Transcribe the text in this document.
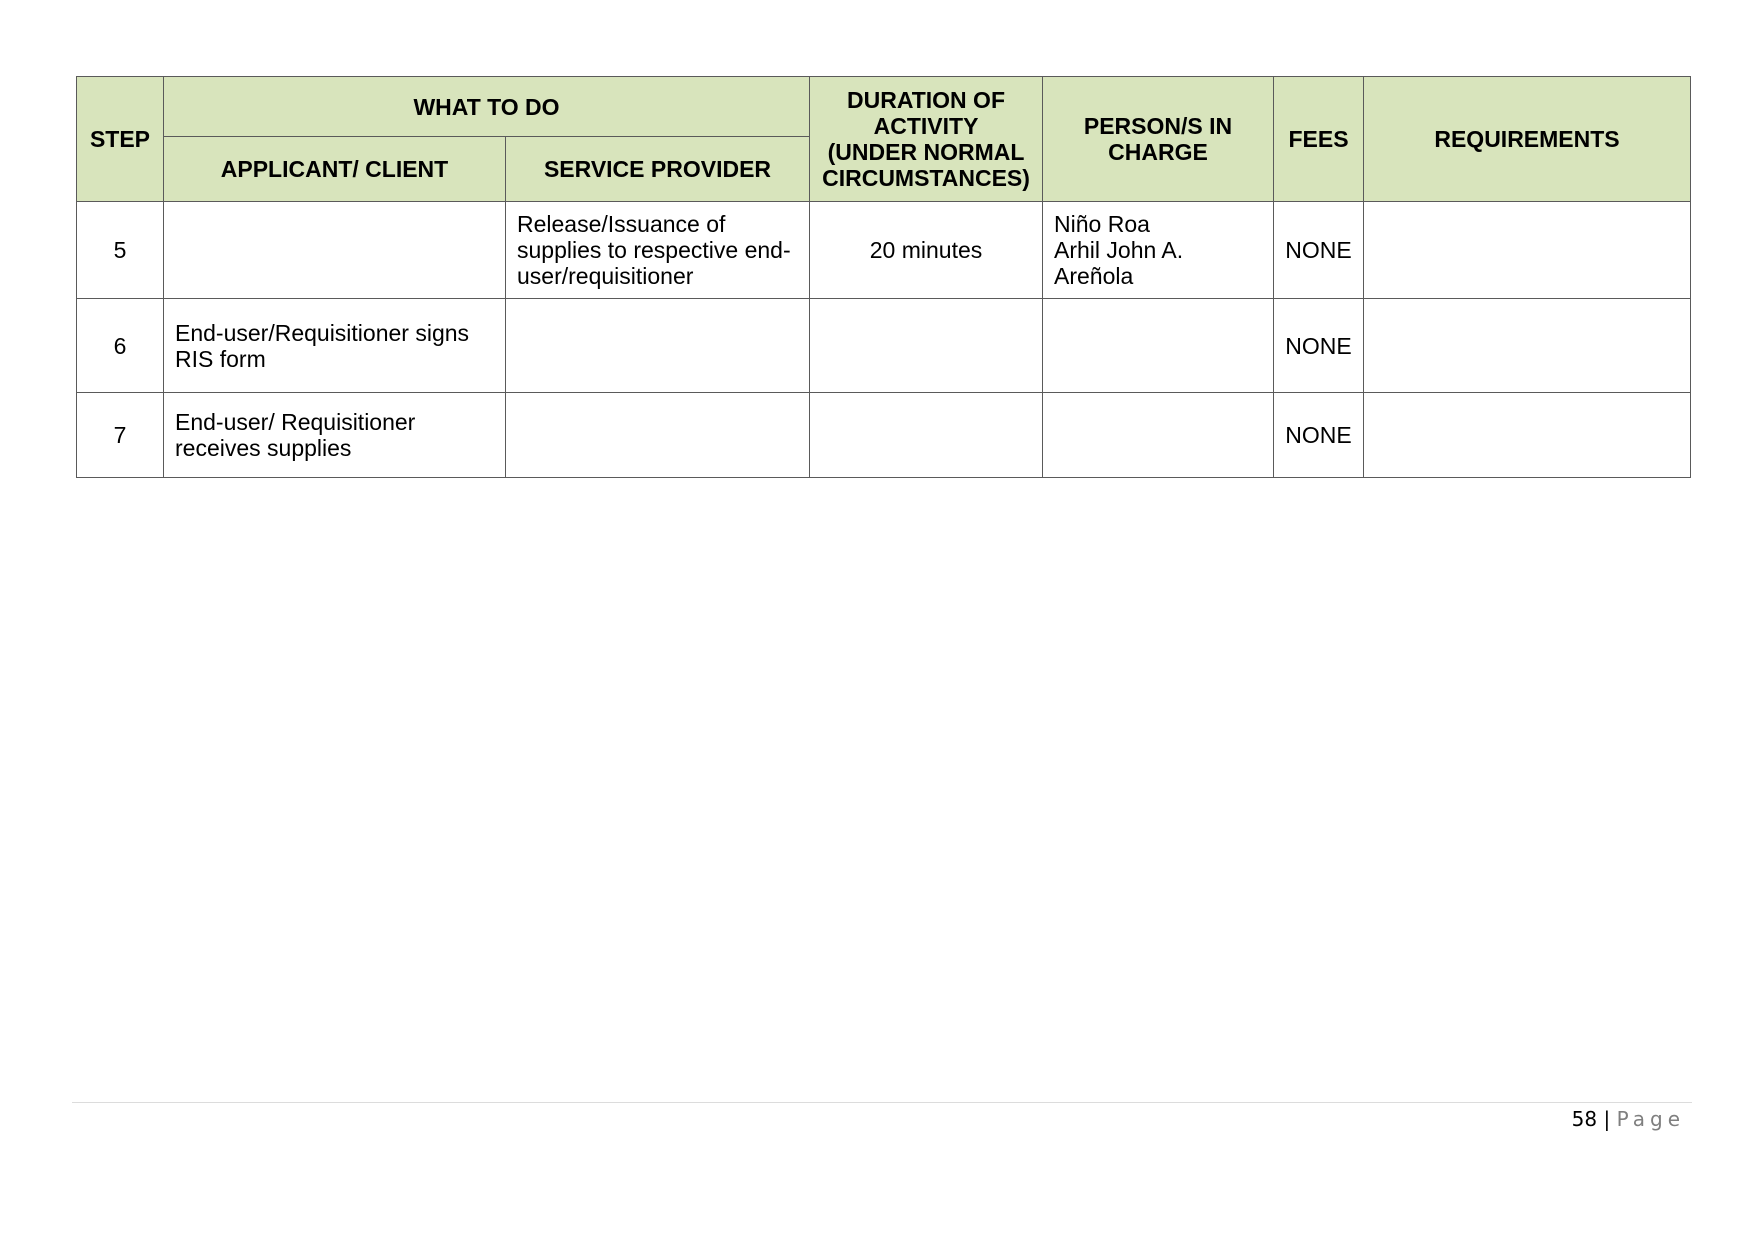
STEP	WHAT TO DO		DURATION OF
ACTIVITY
(UNDER NORMAL
CIRCUMSTANCES)	PERSON/S IN
CHARGE	FEES	REQUIREMENTS
	APPLICANT/ CLIENT	SERVICE PROVIDER				
5		Release/Issuance of
supplies to respective end-
user/requisitioner	20 minutes	Niño Roa
Arhil John A.
Areñola	NONE	
6	End-user/Requisitioner signs
RIS form				NONE	
7	End-user/ Requisitioner
receives supplies				NONE	
58 | Page
